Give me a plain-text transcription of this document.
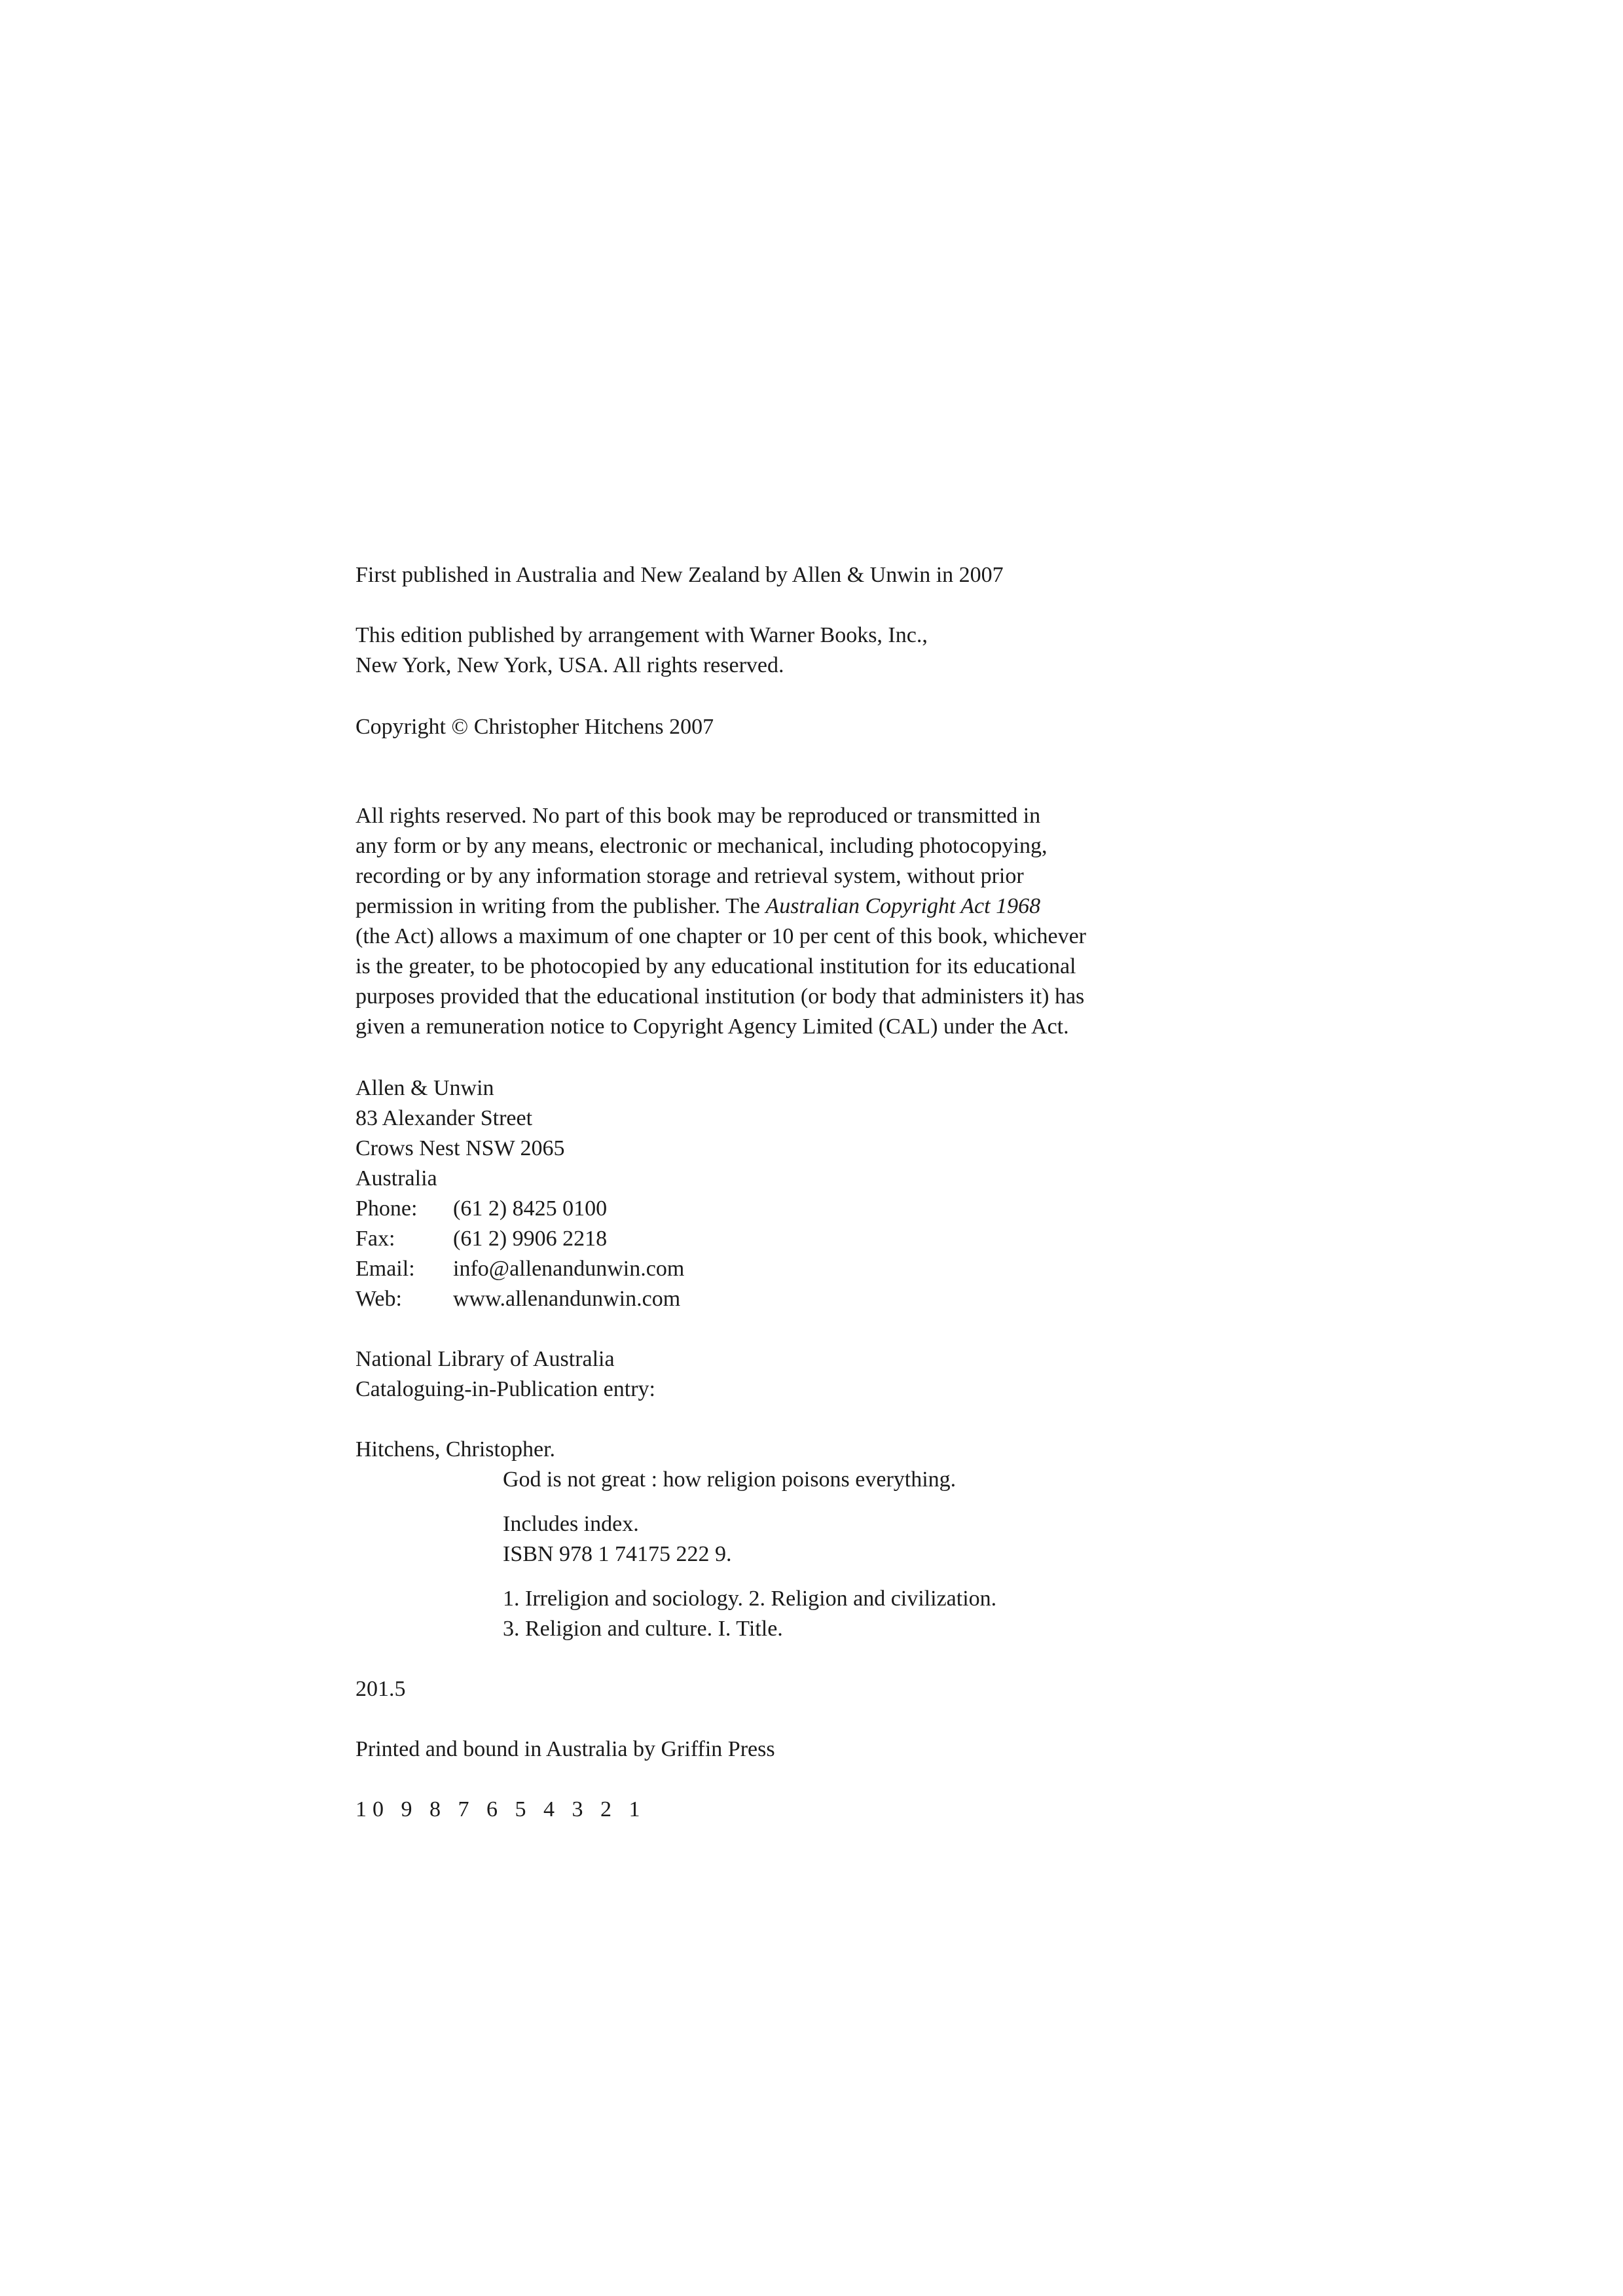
First published in Australia and New Zealand by Allen & Unwin in 2007

This edition published by arrangement with Warner Books, Inc.,
New York, New York, USA. All rights reserved.

Copyright © Christopher Hitchens 2007

All rights reserved. No part of this book may be reproduced or transmitted in
any form or by any means, electronic or mechanical, including photocopying,
recording or by any information storage and retrieval system, without prior
permission in writing from the publisher. The Australian Copyright Act 1968
(the Act) allows a maximum of one chapter or 10 per cent of this book, whichever
is the greater, to be photocopied by any educational institution for its educational
purposes provided that the educational institution (or body that administers it) has
given a remuneration notice to Copyright Agency Limited (CAL) under the Act.
Allen & Unwin
83 Alexander Street
Crows Nest NSW 2065
Australia
Phone:	(61 2) 8425 0100
Fax:	(61 2) 9906 2218
Email:	info@allenandunwin.com
Web:	www.allenandunwin.com
National Library of Australia
Cataloguing-in-Publication entry:

Hitchens, Christopher.

God is not great : how religion poisons everything.

Includes index.
ISBN 978 1 74175 222 9.
1. Irreligion and sociology. 2. Religion and civilization.
3. Religion and culture. I. Title.

201.5

Printed and bound in Australia by Griffin Press

10 9 8 7 6 5 4 3 2 1
